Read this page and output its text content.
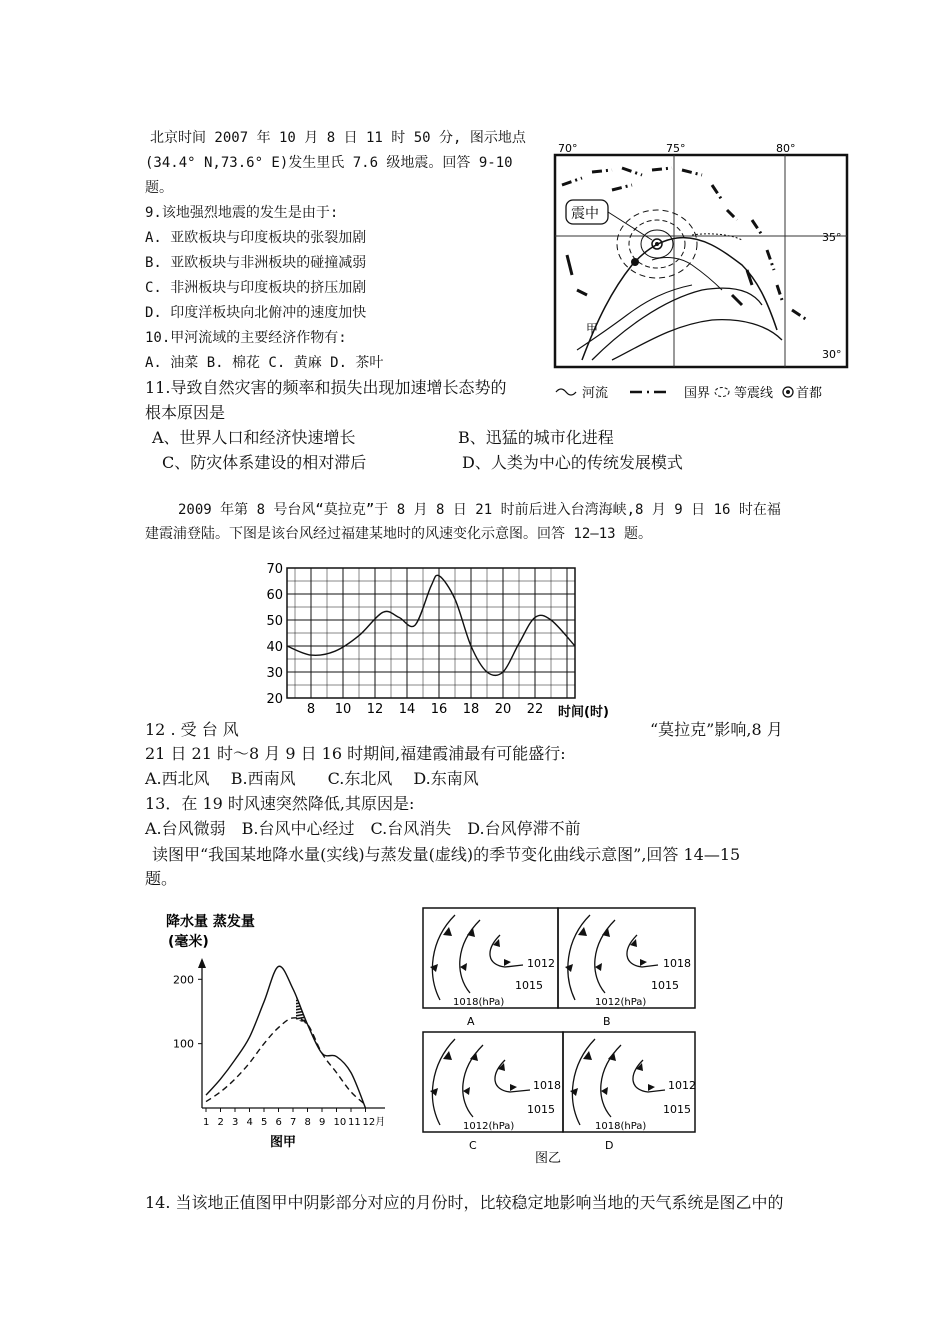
北京时间 2007 年 10 月 8 日 11 时 50 分, 图示地点
(34.4° N,73.6° E)发生里氏 7.6 级地震。回答 9-10
题。
9.该地强烈地震的发生是由于:
A. 亚欧板块与印度板块的张裂加剧
B. 亚欧板块与非洲板块的碰撞减弱
C. 非洲板块与印度板块的挤压加剧
D. 印度洋板块向北俯冲的速度加快
10.甲河流域的主要经济作物有:
A. 油菜 B. 棉花 C. 黄麻 D. 茶叶
11.导致自然灾害的频率和损失出现加速增长态势的
根本原因是
A、世界人口和经济快速增长	B、迅猛的城市化进程
C、防灾体系建设的相对滞后	D、人类为中心的传统发展模式
70°	75°	80°
35°
30°
震中
甲
河流	国界 等震线 首都
2009 年第 8 号台风“莫拉克”于 8 月 8 日 21 时前后进入台湾海峡,8 月 9 日 16 时在福
建霞浦登陆。下图是该台风经过福建某地时的风速变化示意图。回答 12—13 题。
20
30
40
50
60
70
8 10 12 14 16 18 20 22 时间(时)
12 . 受 台 风	“莫拉克”影响,8 月
21 日 21 时～8 月 9 日 16 时期间,福建霞浦最有可能盛行:
A.西北风　 B.西南风　　C.东北风　 D.东南风
13．在 19 时风速突然降低,其原因是:
A.台风微弱　B.台风中心经过　C.台风消失　D.台风停滞不前
读图甲“我国某地降水量(实线)与蒸发量(虚线)的季节变化曲线示意图”,回答 14—15
题。
降水量 蒸发量
(毫米)
100
200
1 2 3 4 5 6 7 8 9 10 11 12月
图甲
1012
1015
1018(hPa)
A
1018
1015
1012(hPa)
B
1018
1015
1012(hPa)
C
1012
1015
1018(hPa)
D
图乙
14. 当该地正值图甲中阴影部分对应的月份时，比较稳定地影响当地的天气系统是图乙中的
